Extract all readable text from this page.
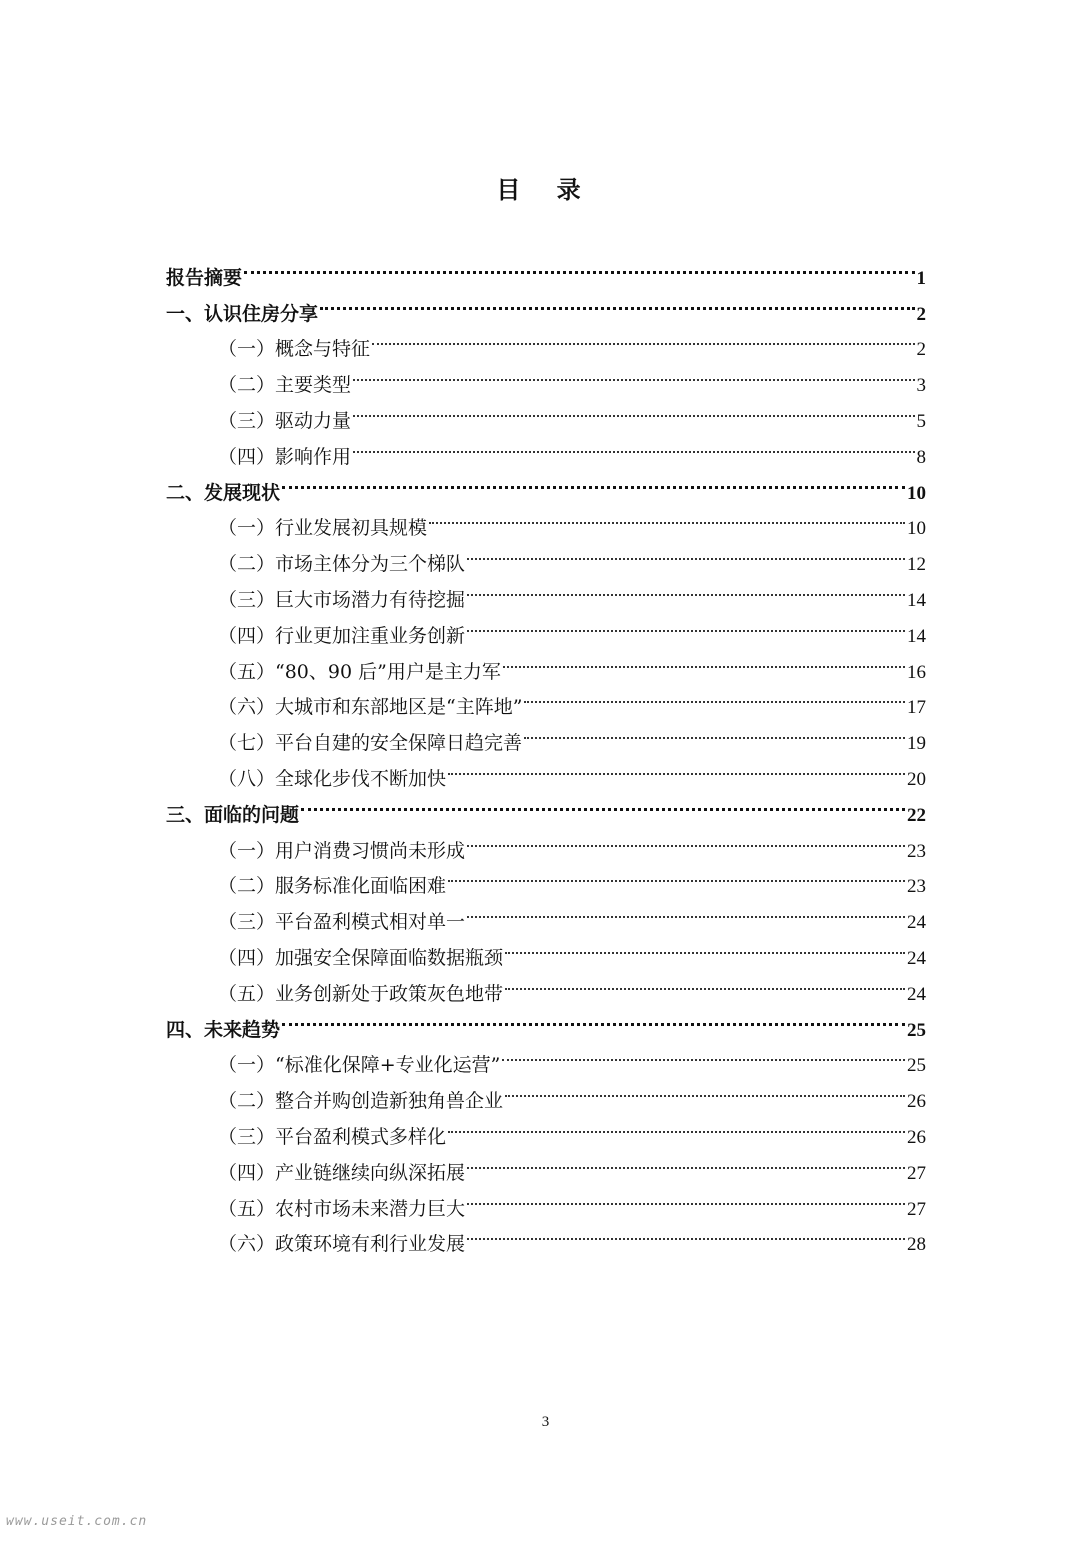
目 录
报告摘要	1
一、认识住房分享	2
（一）概念与特征	2
（二）主要类型	3
（三）驱动力量	5
（四）影响作用	8
二、发展现状	10
（一）行业发展初具规模	10
（二）市场主体分为三个梯队	12
（三）巨大市场潜力有待挖掘	14
（四）行业更加注重业务创新	14
（五）“80、90 后”用户是主力军	16
（六）大城市和东部地区是“主阵地”	17
（七）平台自建的安全保障日趋完善	19
（八）全球化步伐不断加快	20
三、面临的问题	22
（一）用户消费习惯尚未形成	23
（二）服务标准化面临困难	23
（三）平台盈利模式相对单一	24
（四）加强安全保障面临数据瓶颈	24
（五）业务创新处于政策灰色地带	24
四、未来趋势	25
（一）“标准化保障+专业化运营”	25
（二）整合并购创造新独角兽企业	26
（三）平台盈利模式多样化	26
（四）产业链继续向纵深拓展	27
（五）农村市场未来潜力巨大	27
（六）政策环境有利行业发展	28
3
www.useit.com.cn
